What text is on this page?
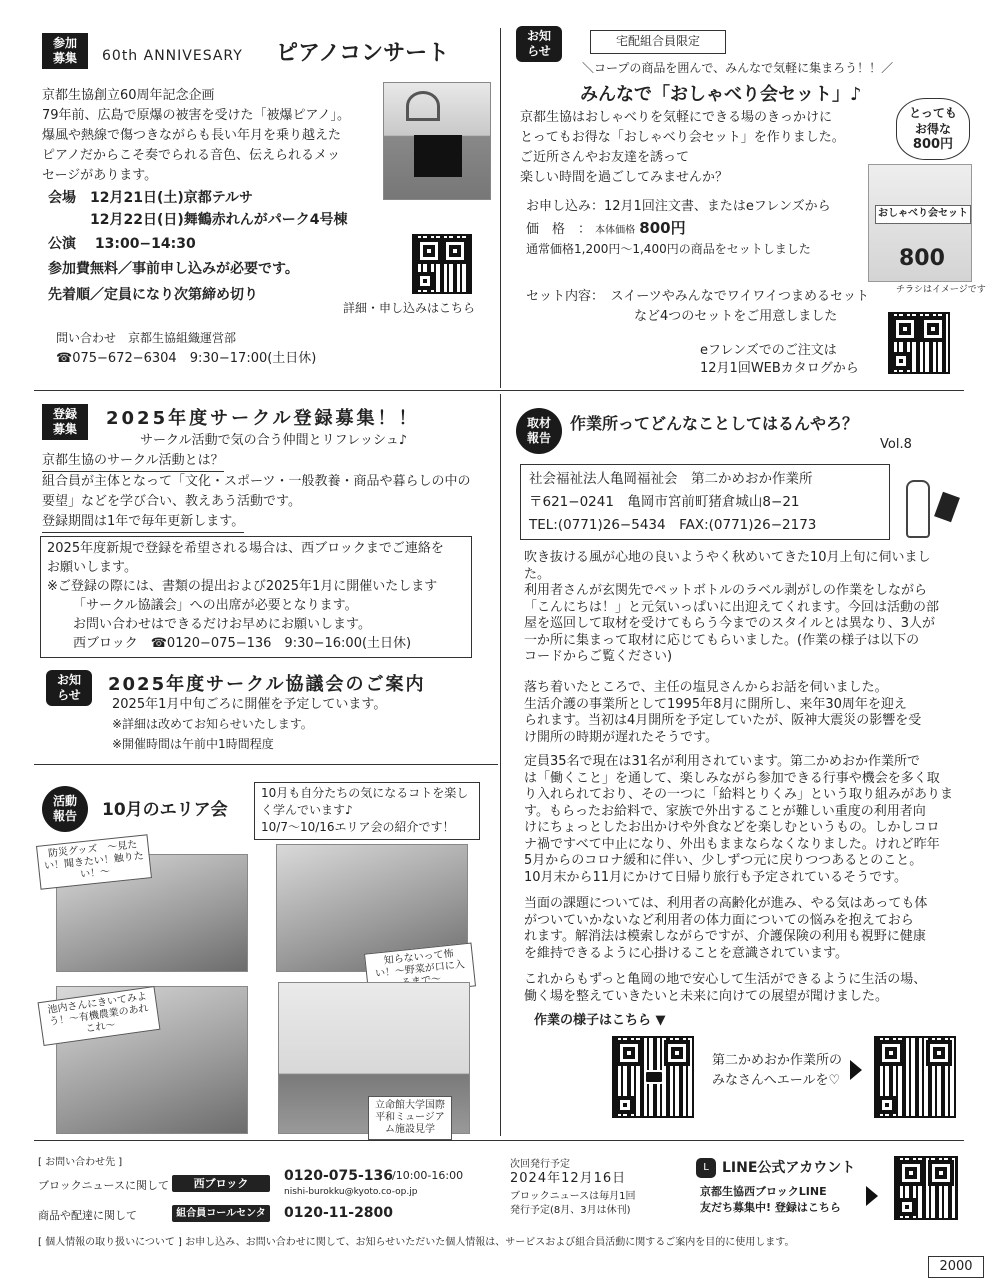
参加
募集	60th ANNIVESARY ピアノコンサート
京都生協創立60周年記念企画
79年前、広島で原爆の被害を受けた「被爆ピアノ」。
爆風や熱線で傷つきながらも長い年月を乗り越えた
ピアノだからこそ奏でられる音色、伝えられるメッ
セージがあります。
会場　12月21日(土)京都テルサ
12月22日(日)舞鶴赤れんがパーク4号棟
公演　 13:00−14:30
参加費無料／事前申し込みが必要です。
先着順／定員になり次第締め切り
詳細・申し込みはこちら
問い合わせ　京都生協組織運営部
☎075−672−6304　9:30−17:00(土日休)
お知
らせ
宅配組合員限定
＼コープの商品を囲んで、みんなで気軽に集まろう！！／
みんなで「おしゃべり会セット」♪
京都生協はおしゃべりを気軽にできる場のきっかけに
とってもお得な「おしゃべり会セット」を作りました。
ご近所さんやお友達を誘って
楽しい時間を過ごしてみませんか？
とっても
お得な
800円
おしゃべり会セット
800
チラシはイメージです
お申し込み：12月1回注文書、またはeフレンズから
価　格　： 本体価格 800円
通常価格1,200円〜1,400円の商品をセットしました
セット内容：　スイーツやみんなでワイワイつまめるセット
など4つのセットをご用意しました
eフレンズでのご注文は
12月1回WEBカタログから
登録
募集	2025年度サークル登録募集！！
サークル活動で気の合う仲間とリフレッシュ♪
京都生協のサークル活動とは？
組合員が主体となって「文化・スポーツ・一般教養・商品や暮らしの中の
要望」などを学び合い、教えあう活動です。
登録期間は1年で毎年更新します。
2025年度新規で登録を希望される場合は、西ブロックまでご連絡を
お願いします。
※ご登録の際には、書類の提出および2025年1月に開催いたします
「サークル協議会」への出席が必要となります。
お問い合わせはできるだけお早めにお願いします。
西ブロック　☎0120−075−136　9:30−16:00(土日休)
お知
らせ	2025年度サークル協議会のご案内
2025年1月中旬ごろに開催を予定しています。
※詳細は改めてお知らせいたします。
※開催時間は午前中1時間程度
活動
報告	10月のエリア会
10月も自分たちの気になるコトを楽し
く学んでいます♪
10/7〜10/16エリア会の紹介です！
防災グッズ　〜見たい！聞きたい！触りたい！〜
知らないって怖い！〜野菜が口に入るまで〜
池内さんにきいてみよう！〜有機農業のあれこれ〜
立命館大学国際平和ミュージアム施設見学
取材
報告
作業所ってどんなことしてはるんやろ？
Vol.8
社会福祉法人亀岡福祉会　第二かめおか作業所
〒621−0241　亀岡市宮前町猪倉城山8−21
TEL:(0771)26−5434　FAX:(0771)26−2173
吹き抜ける風が心地の良いようやく秋めいてきた10月上旬に伺いまし
た。
利用者さんが玄関先でペットボトルのラベル剥がしの作業をしながら
「こんにちは！」と元気いっぱいに出迎えてくれます。今回は活動の部
屋を巡回して取材を受けてもらう今までのスタイルとは異なり、3人が
一か所に集まって取材に応じてもらいました。(作業の様子は以下の
コードからご覧ください)
落ち着いたところで、主任の塩見さんからお話を伺いました。
生活介護の事業所として1995年8月に開所し、来年30周年を迎え
られます。当初は4月開所を予定していたが、阪神大震災の影響を受
け開所の時期が遅れたそうです。
定員35名で現在は31名が利用されています。第二かめおか作業所で
は「働くこと」を通して、楽しみながら参加できる行事や機会を多く取
り入れられており、その一つに「給料とりくみ」という取り組みがありま
す。もらったお給料で、家族で外出することが難しい重度の利用者向
けにちょっとしたお出かけや外食などを楽しむというもの。しかしコロ
ナ禍ですべて中止になり、外出もままならなくなりました。けれど昨年
5月からのコロナ緩和に伴い、少しずつ元に戻りつつあるとのこと。
10月末から11月にかけて日帰り旅行も予定されているそうです。
当面の課題については、利用者の高齢化が進み、やる気はあっても体
がついていかないなど利用者の体力面についての悩みを抱えておら
れます。解消法は模索しながらですが、介護保険の利用も視野に健康
を維持できるように心掛けることを意識されています。
これからもずっと亀岡の地で安心して生活ができるように生活の場、
働く場を整えていきたいと未来に向けての展望が聞けました。
作業の様子はこちら ▼
第二かめおか作業所の
みなさんへエールを♡
[ お問い合わせ先 ]
ブロックニュースに関して	西ブロック	0120-075-136
/10:00-16:00
nishi-burokku@kyoto.co-op.jp
商品や配達に関して	組合員コールセンター
0120-11-2800
次回発行予定
2024年12月16日
ブロックニュースは毎月1回
発行予定(8月、3月は休刊)
L LINE公式アカウント
京都生協西ブロックLINE
友だち募集中! 登録はこちら
[ 個人情報の取り扱いについて ] お申し込み、お問い合わせに関して、お知らせいただいた個人情報は、サービスおよび組合員活動に関するご案内を目的に使用します。
2000
